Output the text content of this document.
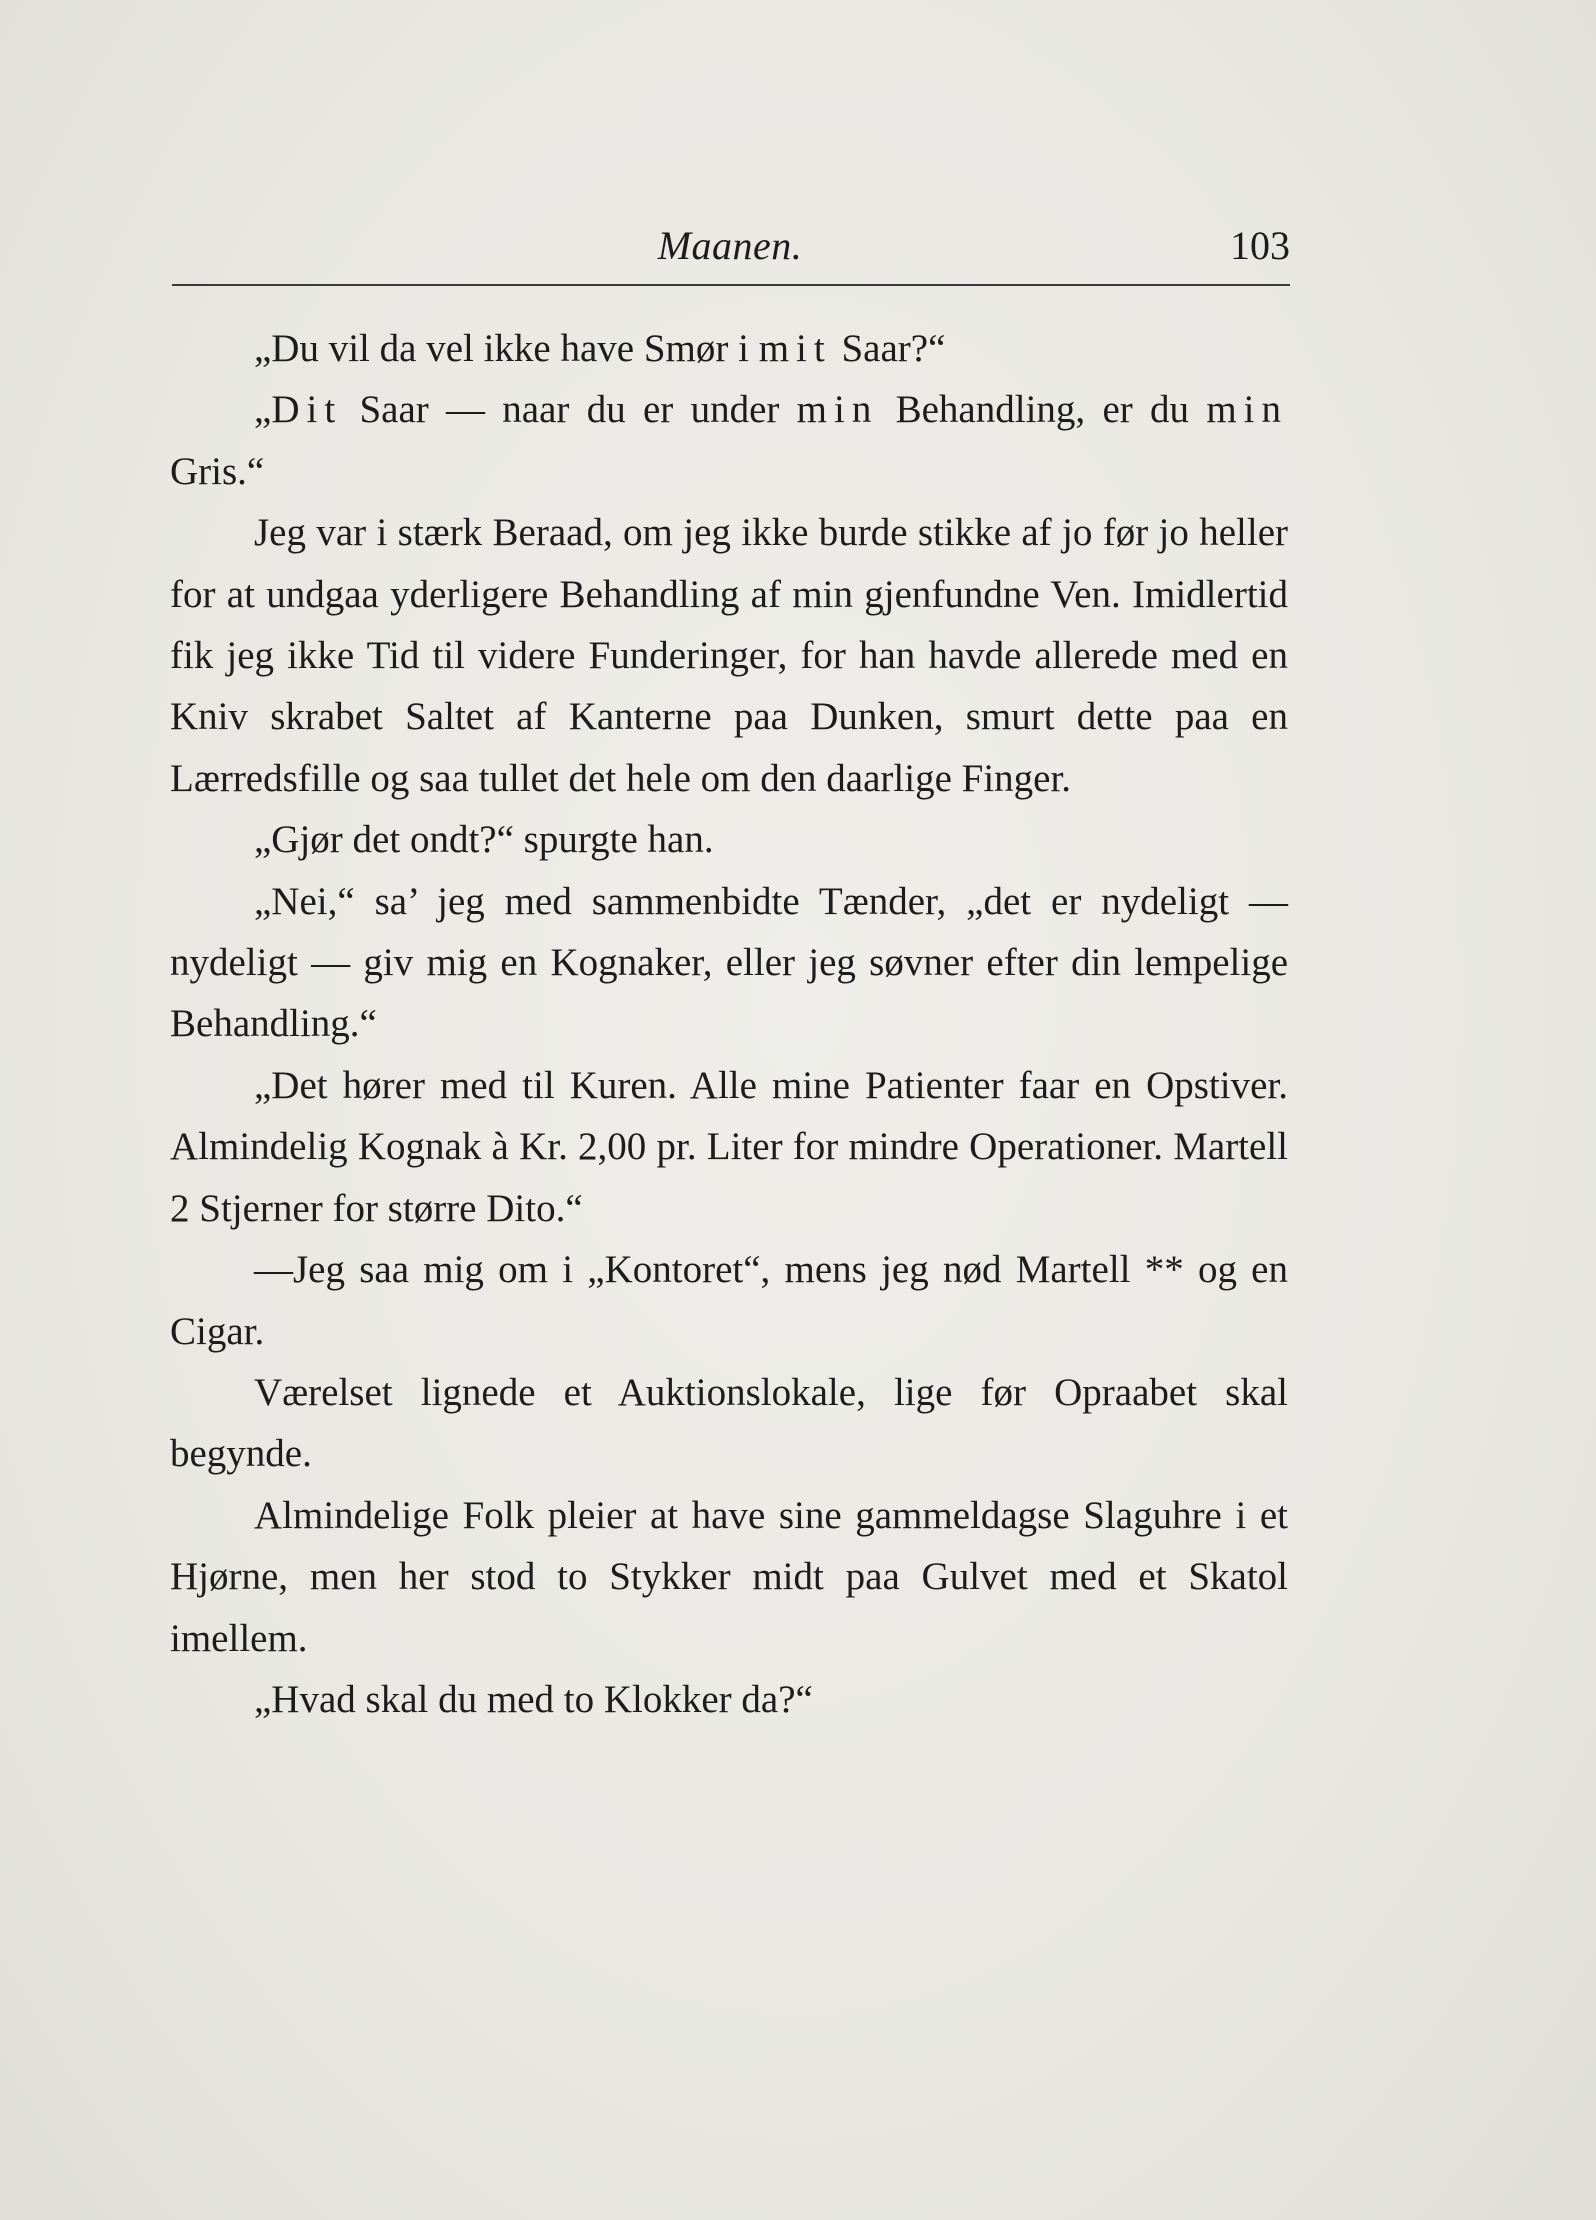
Maanen.	103

„Du vil da vel ikke have Smør i mit Saar?“

„Dit Saar — naar du er under min Behandling, er du min Gris.“

Jeg var i stærk Beraad, om jeg ikke burde stikke af jo før jo heller for at undgaa yderligere Behandling af min gjenfundne Ven. Imidlertid fik jeg ikke Tid til videre Funderinger, for han havde allerede med en Kniv skrabet Saltet af Kanterne paa Dunken, smurt dette paa en Lærredsfille og saa tullet det hele om den daarlige Finger.

„Gjør det ondt?“ spurgte han.

„Nei,“ sa’ jeg med sammenbidte Tænder, „det er nydeligt — nydeligt — giv mig en Kognaker, eller jeg søvner efter din lempelige Behandling.“

„Det hører med til Kuren. Alle mine Patienter faar en Opstiver. Almindelig Kognak à Kr. 2,00 pr. Liter for mindre Operationer. Martell 2 Stjerner for større Dito.“

—Jeg saa mig om i „Kontoret“, mens jeg nød Martell ** og en Cigar.

Værelset lignede et Auktionslokale, lige før Opraabet skal begynde.

Almindelige Folk pleier at have sine gammeldagse Slaguhre i et Hjørne, men her stod to Stykker midt paa Gulvet med et Skatol imellem.

„Hvad skal du med to Klokker da?“
